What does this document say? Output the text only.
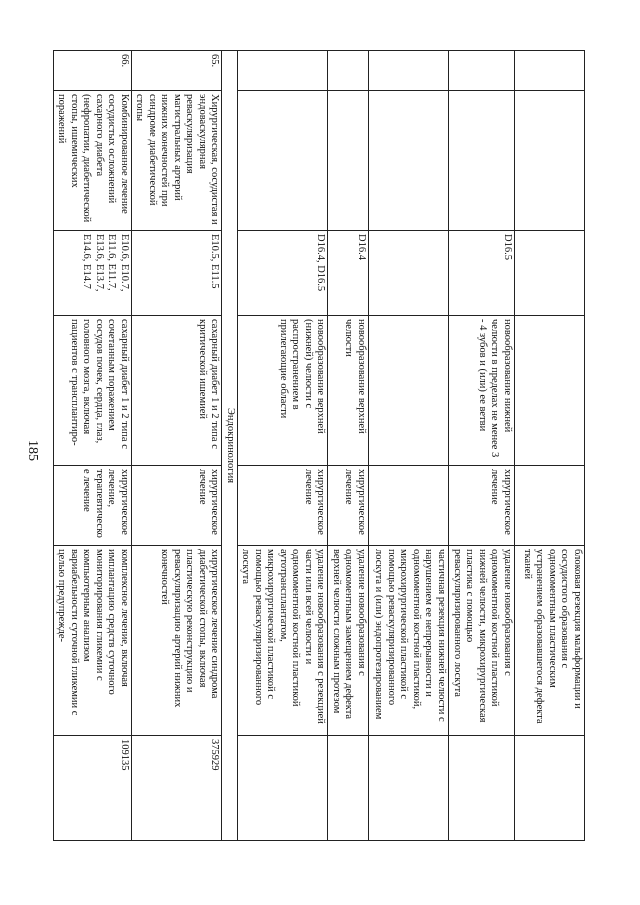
185
					блоковая резекция мальформации и сосудистого образования с одномоментным пластическим устранением образовавшегося дефекта тканей	
		D16.5	новообразование нижней челюсти в пределах не менее 3 - 4 зубов и (или) ее ветви	хирургическое лечение	удаление новообразования с одномоментной костной пластикой нижней челюсти, микрохирургическая пластика с помощью реваскуляризированного лоскута	
					частичная резекция нижней челюсти с нарушением ее непрерывности и одномоментной костной пластикой, микрохирургической пластикой с помощью реваскуляризированного лоскута и (или) эндопротезированием	
		D16.4	новообразование верхней челюсти	хирургическое лечение	удаление новообразования с одномоментным замещением дефекта верхней челюсти сложным протезом	
		D16.4, D16.5	новообразование верхней (нижней) челюсти с распространением в прилегающие области	хирургическое лечение	удаление новообразования с резекцией части или всей челюсти и одномоментной костной пластикой аутотрансплантатом, микрохирургической пластикой с помощью реваскуляризированного лоскута	
Эндокринология						
65.	Хирургическая, сосудистая и эндоваскулярная реваскуляризация магистральных артерий нижних конечностей при синдроме диабетической стопы	E10.5, E11.5	сахарный диабет 1 и 2 типа с критической ишемией	хирургическое лечение	хирургическое лечение синдрома диабетической стопы, включая пластическую реконструкцию и реваскуляризацию артерий нижних конечностей	375929
66.	Комбинированное лечение сосудистых осложнений сахарного диабета (нефропатии, диабетической стопы, ишемических поражений	E10.6, E10.7, E11.6, E11.7, E13.6, E13.7, E14.6, E14.7	сахарный диабет 1 и 2 типа с сочетанным поражением сосудов почек, сердца, глаз, головного мозга, включая пациентов с трансплантиро-	хирургическое лечение, терапевтическое лечение	комплексное лечение, включая имплантацию средств суточного мониторирования гликемии с компьютерным анализом вариабельности суточной гликемии с целью предупрежде-	109135
